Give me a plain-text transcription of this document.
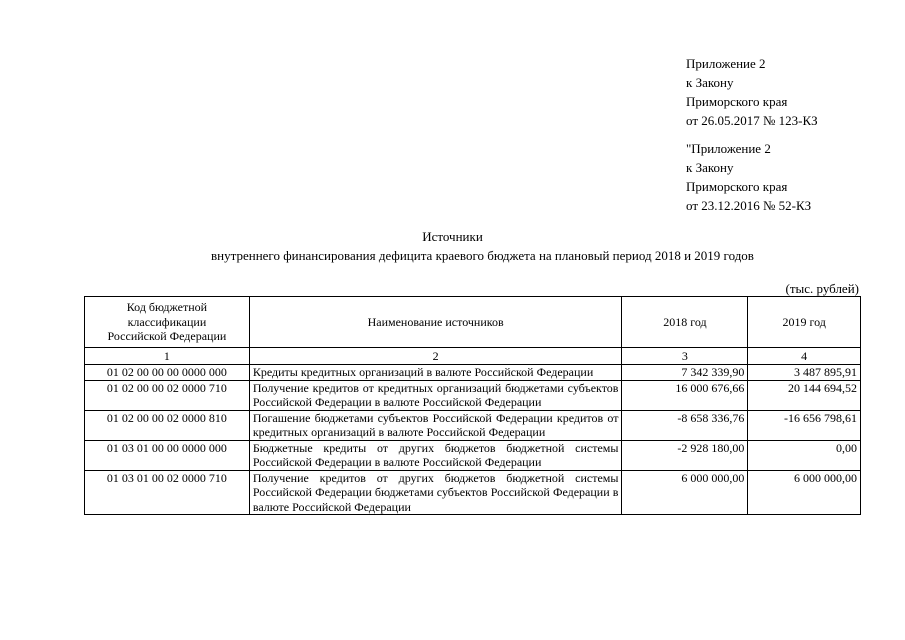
Приложение 2
к Закону
Приморского края
от 26.05.2017 № 123-КЗ
"Приложение 2
к Закону
Приморского края
от 23.12.2016 № 52-КЗ
Источники
внутреннего финансирования дефицита краевого бюджета на плановый период 2018 и 2019 годов
(тыс. рублей)
Код бюджетной
классификации
Российской Федерации	Наименование источников	2018 год	2019 год
1	2	3	4
01 02 00 00 00 0000 000	Кредиты кредитных организаций в валюте Российской Федерации	7 342 339,90	3 487 895,91
01 02 00 00 02 0000 710	Получение кредитов от кредитных организаций бюджетами субъектов Российской Федерации в валюте Российской Федерации	16 000 676,66	20 144 694,52
01 02 00 00 02 0000 810	Погашение бюджетами субъектов Российской Федерации кредитов от кредитных организаций в валюте Российской Федерации	-8 658 336,76	-16 656 798,61
01 03 01 00 00 0000 000	Бюджетные кредиты от других бюджетов бюджетной системы Российской Федерации в валюте Российской Федерации	-2 928 180,00	0,00
01 03 01 00 02 0000 710	Получение кредитов от других бюджетов бюджетной системы Российской Федерации бюджетами субъектов Российской Федерации в валюте Российской Федерации	6 000 000,00	6 000 000,00
